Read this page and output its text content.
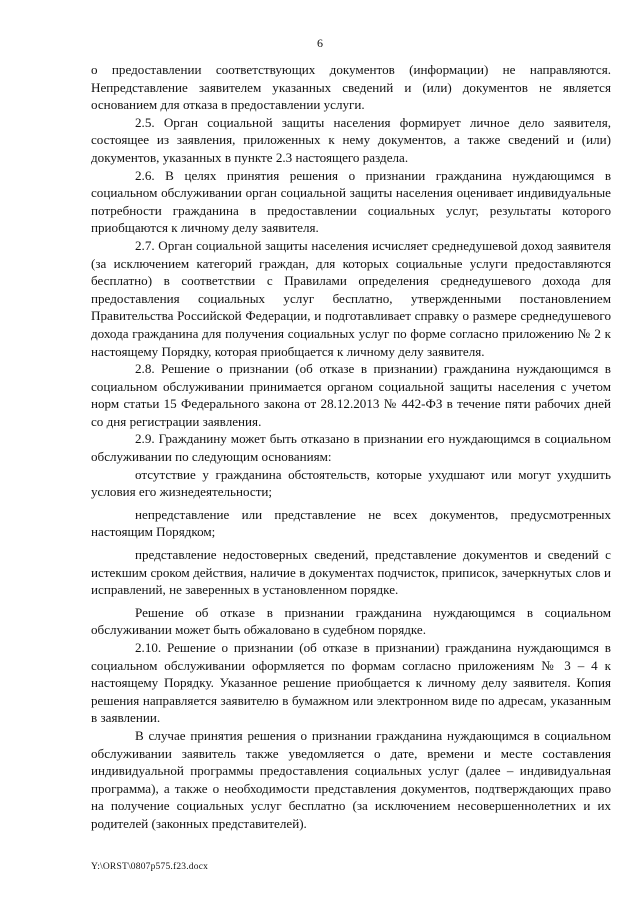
6

о предоставлении соответствующих документов (информации) не направляются. Непредставление заявителем указанных сведений и (или) документов не является основанием для отказа в предоставлении услуги.

2.5. Орган социальной защиты населения формирует личное дело заявителя, состоящее из заявления, приложенных к нему документов, а также сведений и (или) документов, указанных в пункте 2.3 настоящего раздела.

2.6. В целях принятия решения о признании гражданина нуждающимся в социальном обслуживании орган социальной защиты населения оценивает индивидуальные потребности гражданина в предоставлении социальных услуг, результаты которого приобщаются к личному делу заявителя.

2.7. Орган социальной защиты населения исчисляет среднедушевой доход заявителя (за исключением категорий граждан, для которых социальные услуги предоставляются бесплатно) в соответствии с Правилами определения среднедушевого дохода для предоставления социальных услуг бесплатно, утвержденными постановлением Правительства Российской Федерации, и подготавливает справку о размере среднедушевого дохода гражданина для получения социальных услуг по форме согласно приложению № 2 к настоящему Порядку, которая приобщается к личному делу заявителя.

2.8. Решение о признании (об отказе в признании) гражданина нуждающимся в социальном обслуживании принимается органом социальной защиты населения с учетом норм статьи 15 Федерального закона от 28.12.2013 № 442-ФЗ в течение пяти рабочих дней со дня регистрации заявления.

2.9. Гражданину может быть отказано в признании его нуждающимся в социальном обслуживании по следующим основаниям:

отсутствие у гражданина обстоятельств, которые ухудшают или могут ухудшить условия его жизнедеятельности;

непредставление или представление не всех документов, предусмотренных настоящим Порядком;

представление недостоверных сведений, представление документов и сведений с истекшим сроком действия, наличие в документах подчисток, приписок, зачеркнутых слов и исправлений, не заверенных в установленном порядке.

Решение об отказе в признании гражданина нуждающимся в социальном обслуживании может быть обжаловано в судебном порядке.

2.10. Решение о признании (об отказе в признании) гражданина нуждающимся в социальном обслуживании оформляется по формам согласно приложениям № 3 – 4 к настоящему Порядку. Указанное решение приобщается к личному делу заявителя. Копия решения направляется заявителю в бумажном или электронном виде по адресам, указанным в заявлении.

В случае принятия решения о признании гражданина нуждающимся в социальном обслуживании заявитель также уведомляется о дате, времени и месте составления индивидуальной программы предоставления социальных услуг (далее – индивидуальная программа), а также о необходимости представления документов, подтверждающих право на получение социальных услуг бесплатно (за исключением несовершеннолетних и их родителей (законных представителей).

Y:\ORST\0807p575.f23.docx
